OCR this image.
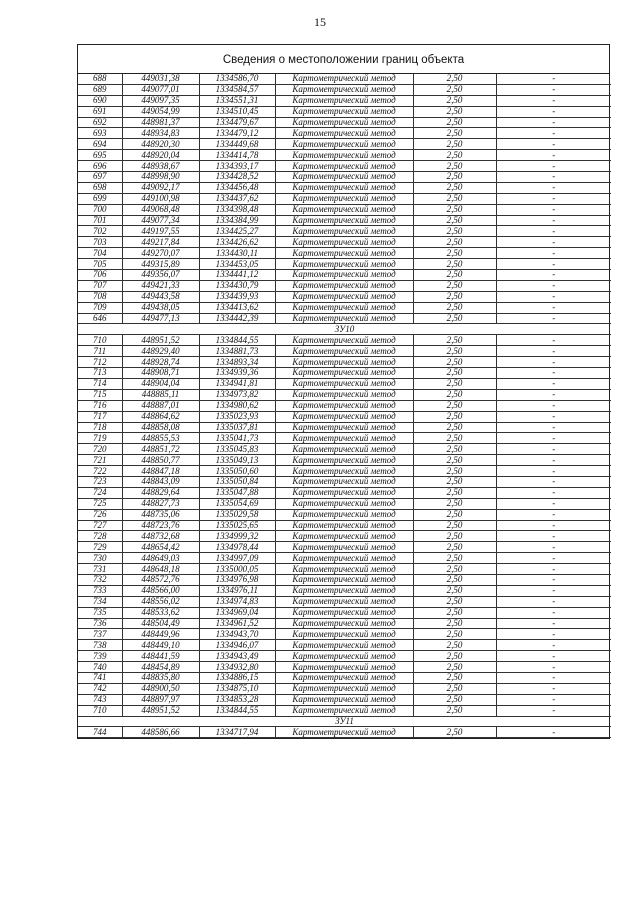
15
Сведения о местоположении границ объекта
688	449031,38	1334586,70	Картометрический метод	2,50	-
689	449077,01	1334584,57	Картометрический метод	2,50	-
690	449097,35	1334551,31	Картометрический метод	2,50	-
691	449054,99	1334510,45	Картометрический метод	2,50	-
692	448981,37	1334479,67	Картометрический метод	2,50	-
693	448934,83	1334479,12	Картометрический метод	2,50	-
694	448920,30	1334449,68	Картометрический метод	2,50	-
695	448920,04	1334414,78	Картометрический метод	2,50	-
696	448938,67	1334393,17	Картометрический метод	2,50	-
697	448998,90	1334428,52	Картометрический метод	2,50	-
698	449092,17	1334456,48	Картометрический метод	2,50	-
699	449100,98	1334437,62	Картометрический метод	2,50	-
700	449068,48	1334398,48	Картометрический метод	2,50	-
701	449077,34	1334384,99	Картометрический метод	2,50	-
702	449197,55	1334425,27	Картометрический метод	2,50	-
703	449217,84	1334426,62	Картометрический метод	2,50	-
704	449270,07	1334430,11	Картометрический метод	2,50	-
705	449315,89	1334453,05	Картометрический метод	2,50	-
706	449356,07	1334441,12	Картометрический метод	2,50	-
707	449421,33	1334430,79	Картометрический метод	2,50	-
708	449443,58	1334439,93	Картометрический метод	2,50	-
709	449438,05	1334413,62	Картометрический метод	2,50	-
646	449477,13	1334442,39	Картометрический метод	2,50	-
ЗУ10					
710	448951,52	1334844,55	Картометрический метод	2,50	-
711	448929,40	1334881,73	Картометрический метод	2,50	-
712	448928,74	1334893,34	Картометрический метод	2,50	-
713	448908,71	1334939,36	Картометрический метод	2,50	-
714	448904,04	1334941,81	Картометрический метод	2,50	-
715	448885,11	1334973,82	Картометрический метод	2,50	-
716	448887,01	1334980,62	Картометрический метод	2,50	-
717	448864,62	1335023,93	Картометрический метод	2,50	-
718	448858,08	1335037,81	Картометрический метод	2,50	-
719	448855,53	1335041,73	Картометрический метод	2,50	-
720	448851,72	1335045,83	Картометрический метод	2,50	-
721	448850,77	1335049,13	Картометрический метод	2,50	-
722	448847,18	1335050,60	Картометрический метод	2,50	-
723	448843,09	1335050,84	Картометрический метод	2,50	-
724	448829,64	1335047,88	Картометрический метод	2,50	-
725	448827,73	1335054,69	Картометрический метод	2,50	-
726	448735,06	1335029,58	Картометрический метод	2,50	-
727	448723,76	1335025,65	Картометрический метод	2,50	-
728	448732,68	1334999,32	Картометрический метод	2,50	-
729	448654,42	1334978,44	Картометрический метод	2,50	-
730	448649,03	1334997,09	Картометрический метод	2,50	-
731	448648,18	1335000,05	Картометрический метод	2,50	-
732	448572,76	1334976,98	Картометрический метод	2,50	-
733	448566,00	1334976,11	Картометрический метод	2,50	-
734	448556,02	1334974,83	Картометрический метод	2,50	-
735	448533,62	1334969,04	Картометрический метод	2,50	-
736	448504,49	1334961,52	Картометрический метод	2,50	-
737	448449,96	1334943,70	Картометрический метод	2,50	-
738	448449,10	1334946,07	Картометрический метод	2,50	-
739	448441,59	1334943,49	Картометрический метод	2,50	-
740	448454,89	1334932,80	Картометрический метод	2,50	-
741	448835,80	1334886,15	Картометрический метод	2,50	-
742	448900,50	1334875,10	Картометрический метод	2,50	-
743	448897,97	1334853,28	Картометрический метод	2,50	-
710	448951,52	1334844,55	Картометрический метод	2,50	-
ЗУ11					
744	448586,66	1334717,94	Картометрический метод	2,50	-
